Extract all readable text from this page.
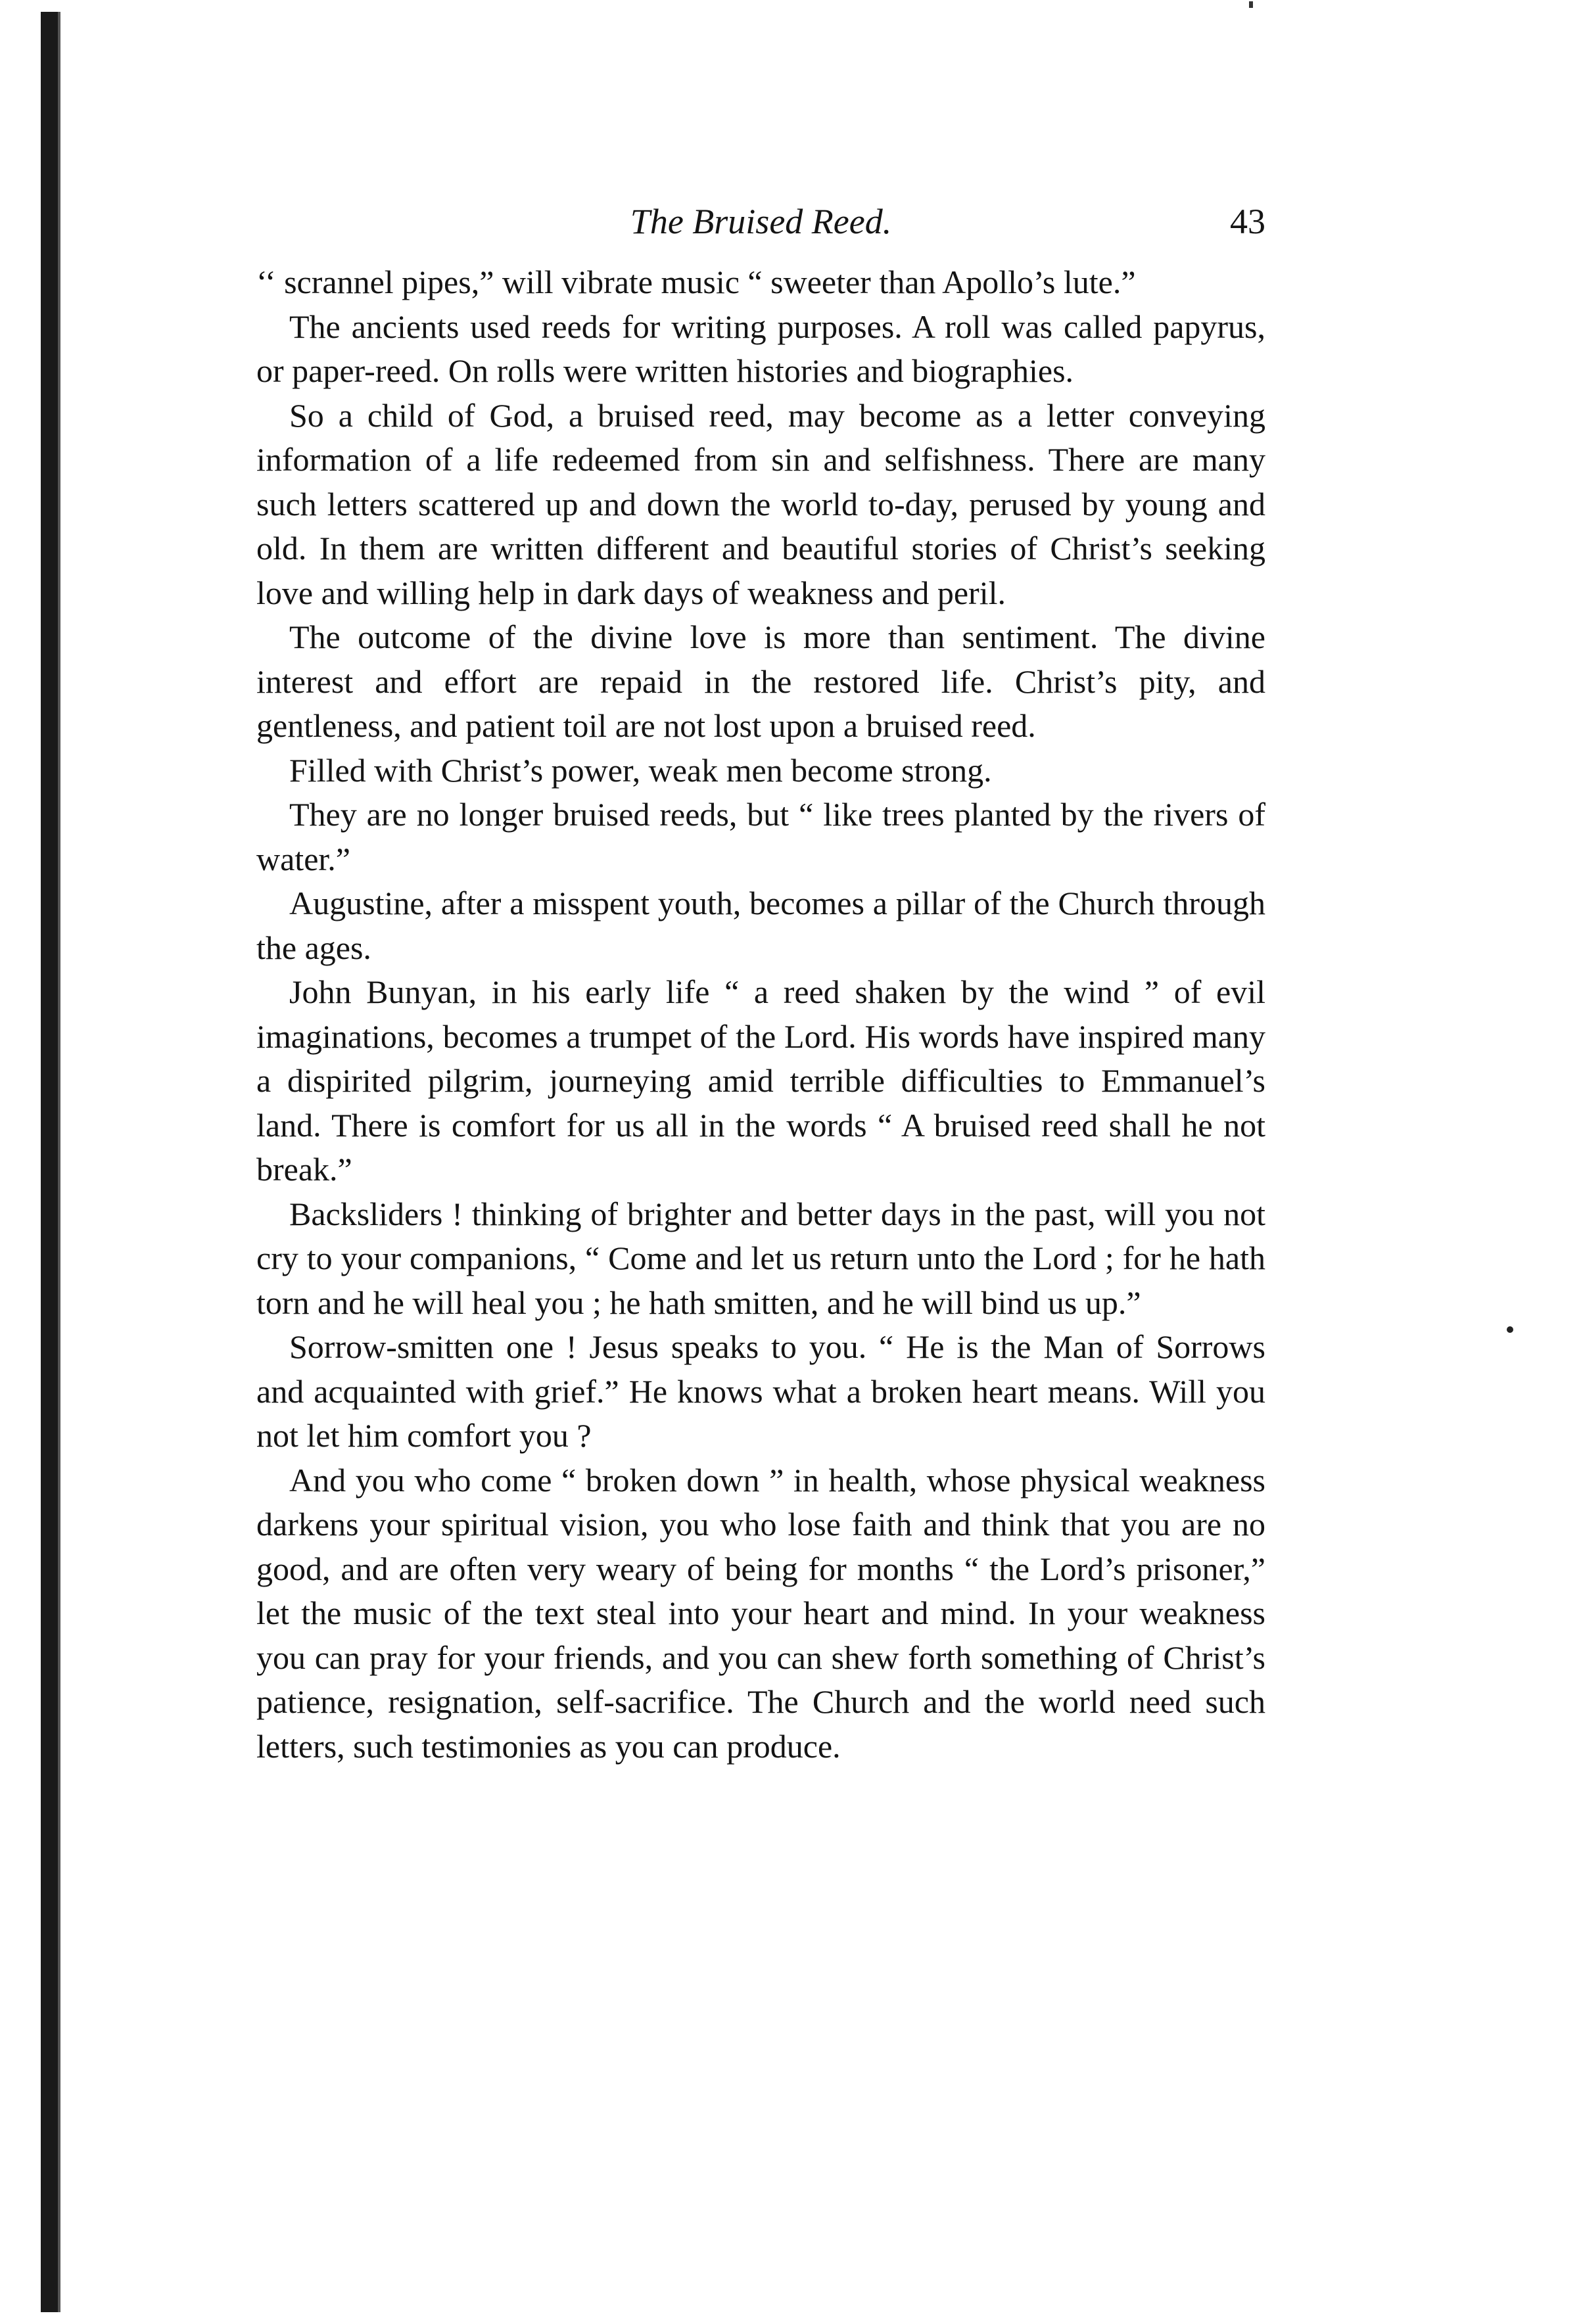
The Bruised Reed.	43

‘‘ scrannel pipes,” will vibrate music “ sweeter than Apollo’s lute.”

The ancients used reeds for writing purposes. A roll was called papyrus, or paper-reed. On rolls were written histories and biographies.

So a child of God, a bruised reed, may become as a letter conveying information of a life redeemed from sin and selfishness. There are many such letters scattered up and down the world to-day, perused by young and old. In them are written different and beautiful stories of Christ’s seeking love and willing help in dark days of weakness and peril.

The outcome of the divine love is more than sentiment. The divine interest and effort are repaid in the restored life. Christ’s pity, and gentleness, and patient toil are not lost upon a bruised reed.

Filled with Christ’s power, weak men become strong.

They are no longer bruised reeds, but “ like trees planted by the rivers of water.”

Augustine, after a misspent youth, becomes a pillar of the Church through the ages.

John Bunyan, in his early life “ a reed shaken by the wind ” of evil imaginations, becomes a trumpet of the Lord. His words have inspired many a dispirited pilgrim, journeying amid terrible difficulties to Emmanuel’s land. There is comfort for us all in the words “ A bruised reed shall he not break.”

Backsliders ! thinking of brighter and better days in the past, will you not cry to your companions, “ Come and let us return unto the Lord ; for he hath torn and he will heal you ; he hath smitten, and he will bind us up.”

Sorrow-smitten one ! Jesus speaks to you. “ He is the Man of Sorrows and acquainted with grief.” He knows what a broken heart means. Will you not let him comfort you ?

And you who come “ broken down ” in health, whose physical weakness darkens your spiritual vision, you who lose faith and think that you are no good, and are often very weary of being for months “ the Lord’s prisoner,” let the music of the text steal into your heart and mind. In your weakness you can pray for your friends, and you can shew forth something of Christ’s patience, resignation, self-sacrifice. The Church and the world need such letters, such testimonies as you can produce.
